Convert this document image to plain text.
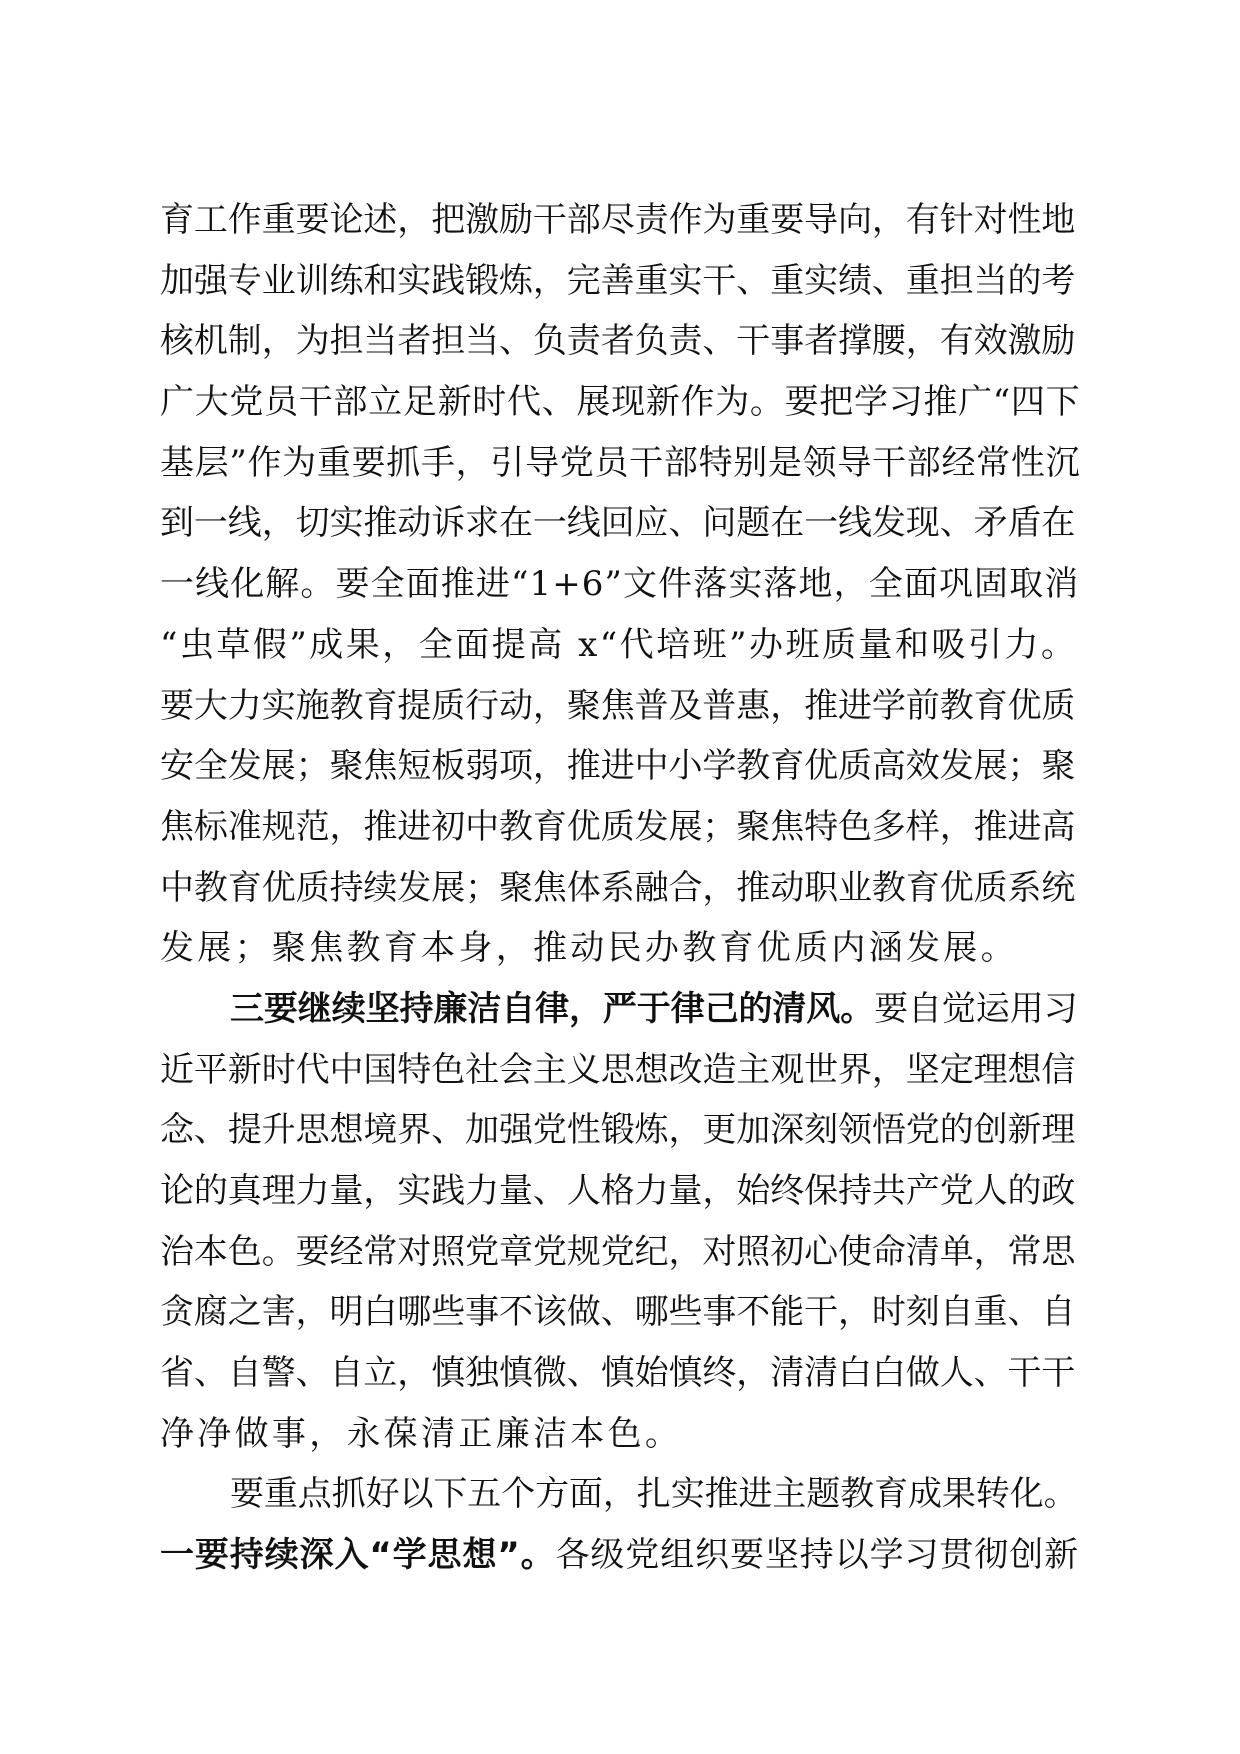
育工作重要论述，把激励干部尽责作为重要导向，有针对性地
加强专业训练和实践锻炼，完善重实干、重实绩、重担当的考
核机制，为担当者担当、负责者负责、干事者撑腰，有效激励
广大党员干部立足新时代、展现新作为。要把学习推广“四下
基层”作为重要抓手，引导党员干部特别是领导干部经常性沉
到一线，切实推动诉求在一线回应、问题在一线发现、矛盾在
一线化解。要全面推进“1+6”文件落实落地，全面巩固取消
“虫草假”成果，全面提高 x“代培班”办班质量和吸引力。
要大力实施教育提质行动，聚焦普及普惠，推进学前教育优质
安全发展；聚焦短板弱项，推进中小学教育优质高效发展；聚
焦标准规范，推进初中教育优质发展；聚焦特色多样，推进高
中教育优质持续发展；聚焦体系融合，推动职业教育优质系统
发展；聚焦教育本身，推动民办教育优质内涵发展。
三要继续坚持廉洁自律，严于律己的清风。要自觉运用习
近平新时代中国特色社会主义思想改造主观世界，坚定理想信
念、提升思想境界、加强党性锻炼，更加深刻领悟党的创新理
论的真理力量，实践力量、人格力量，始终保持共产党人的政
治本色。要经常对照党章党规党纪，对照初心使命清单，常思
贪腐之害，明白哪些事不该做、哪些事不能干，时刻自重、自
省、自警、自立，慎独慎微、慎始慎终，清清白白做人、干干
净净做事，永葆清正廉洁本色。
要重点抓好以下五个方面，扎实推进主题教育成果转化。
一要持续深入“学思想”。各级党组织要坚持以学习贯彻创新
